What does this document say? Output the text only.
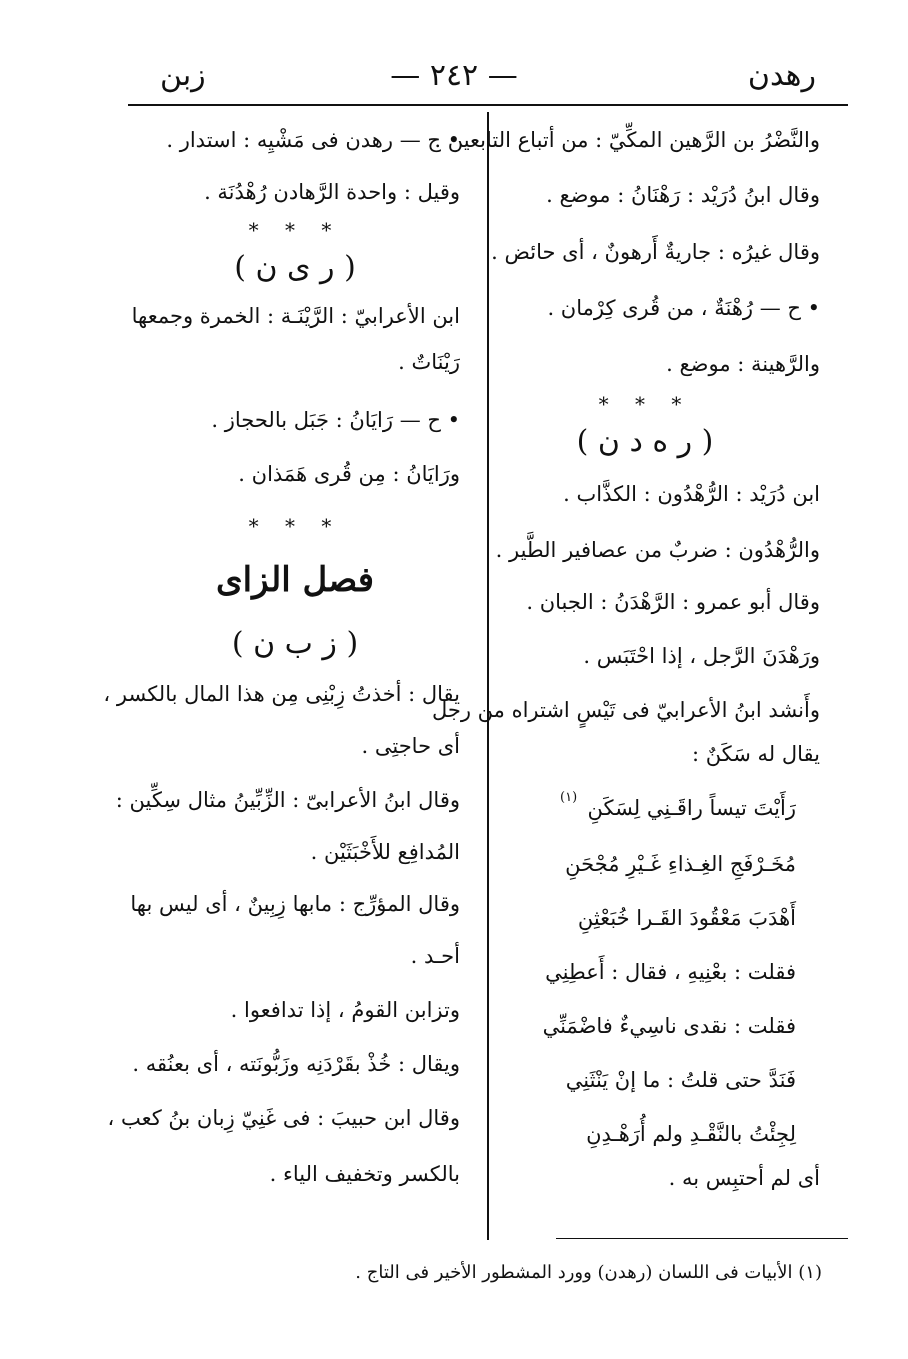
رهدن
— ٢٤٢ —
زبن
والنَّضْرُ بن الرَّهين المكِّيّ : من أتباع التابعين .
وقال ابنُ دُرَيْد : رَهْنَانُ : موضع .
وقال غيرُه : جاريةٌ أَرهونٌ ، أى حائض .
• ح — رُهْنَةٌ ، من قُرى كِرْمان .
والرَّهينة : موضع .
* * *
( ر ه د ن )
ابن دُرَيْد : الرُّهْدُون : الكذَّاب .
والرُّهْدُون : ضربٌ من عصافير الطَّير .
وقال أبو عمرو : الرَّهْدَنُ : الجبان .
ورَهْدَنَ الرَّجل ، إذا احْتَبَس .
وأَنشد ابنُ الأعرابيّ فى تَيْسٍ اشتراه من رجل
يقال له سَكَنٌ :
رَأَيْتَ تيساً راقَـنِي لِسَكَنِ
مُخَـرْفَجِ الغِـذاءِ غَـيْرِ مُجْحَنِ
أَهْدَبَ مَعْقُودَ القَـرا خُبَعْثِنِ
فقلت : بعْنِيهِ ، فقال : أَعطِنِي
فقلت : نقدى ناسِيءٌ فاضْمَنِّي
فَنَدَّ حتى قلتُ : ما إنْ يَنْثَنِي
لِجِئْتُ بالنَّقْـدِ ولم أُرَهْـدِنِ
أى لم أحتبِس به .
• ح — رهدن فى مَشْيِه : استدار .
وقيل : واحدة الرَّهادن رُهْدُنَة .
* * *
( ر ى ن )
ابن الأعرابيّ : الرَّيْنَـة : الخمرة وجمعها
رَيْنَاتٌ .
• ح — رَايَانُ : جَبَل بالحجاز .
ورَايَانُ : مِن قُرى هَمَذان .
* * *
فصل الزاى
( ز ب ن )
يقال : أخذتُ زِبْنِى مِن هذا المال بالكسر ،
أى حاجتِى .
وقال ابنُ الأعرابىّ : الزِّبِّينُ مثال سِكِّين :
المُدافِع للأَخْبَثَيْن .
وقال المؤرِّج : مابها زِبِينٌ ، أى ليس بها
أحـد .
وتزابن القومُ ، إذا تدافعوا .
ويقال : خُذْ بقَرْدَنِه وزَبُّونَته ، أى بعنُقه .
وقال ابن حبيبَ : فى غَنِيّ زِبان بنُ كعب ،
بالكسر وتخفيف الياء .
(١)
(١) الأبيات فى اللسان (رهدن) وورد المشطور الأخير فى التاج .
